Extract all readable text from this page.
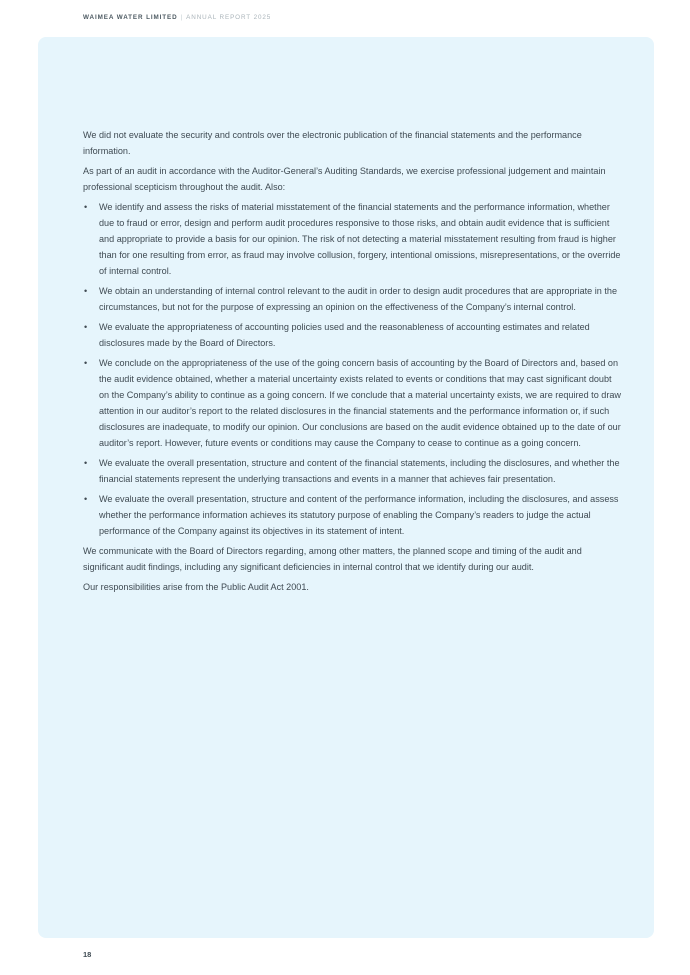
WAIMEA WATER LIMITED | ANNUAL REPORT 2025

We did not evaluate the security and controls over the electronic publication of the financial statements and the performance information.

As part of an audit in accordance with the Auditor-General’s Auditing Standards, we exercise professional judgement and maintain professional scepticism throughout the audit. Also:

• We identify and assess the risks of material misstatement of the financial statements and the performance information, whether due to fraud or error, design and perform audit procedures responsive to those risks, and obtain audit evidence that is sufficient and appropriate to provide a basis for our opinion. The risk of not detecting a material misstatement resulting from fraud is higher than for one resulting from error, as fraud may involve collusion, forgery, intentional omissions, misrepresentations, or the override of internal control.
• We obtain an understanding of internal control relevant to the audit in order to design audit procedures that are appropriate in the circumstances, but not for the purpose of expressing an opinion on the effectiveness of the Company’s internal control.
• We evaluate the appropriateness of accounting policies used and the reasonableness of accounting estimates and related disclosures made by the Board of Directors.
• We conclude on the appropriateness of the use of the going concern basis of accounting by the Board of Directors and, based on the audit evidence obtained, whether a material uncertainty exists related to events or conditions that may cast significant doubt on the Company’s ability to continue as a going concern. If we conclude that a material uncertainty exists, we are required to draw attention in our auditor’s report to the related disclosures in the financial statements and the performance information or, if such disclosures are inadequate, to modify our opinion. Our conclusions are based on the audit evidence obtained up to the date of our auditor’s report. However, future events or conditions may cause the Company to cease to continue as a going concern.
• We evaluate the overall presentation, structure and content of the financial statements, including the disclosures, and whether the financial statements represent the underlying transactions and events in a manner that achieves fair presentation.
• We evaluate the overall presentation, structure and content of the performance information, including the disclosures, and assess whether the performance information achieves its statutory purpose of enabling the Company’s readers to judge the actual performance of the Company against its objectives in its statement of intent.

We communicate with the Board of Directors regarding, among other matters, the planned scope and timing of the audit and significant audit findings, including any significant deficiencies in internal control that we identify during our audit.

Our responsibilities arise from the Public Audit Act 2001.

18
